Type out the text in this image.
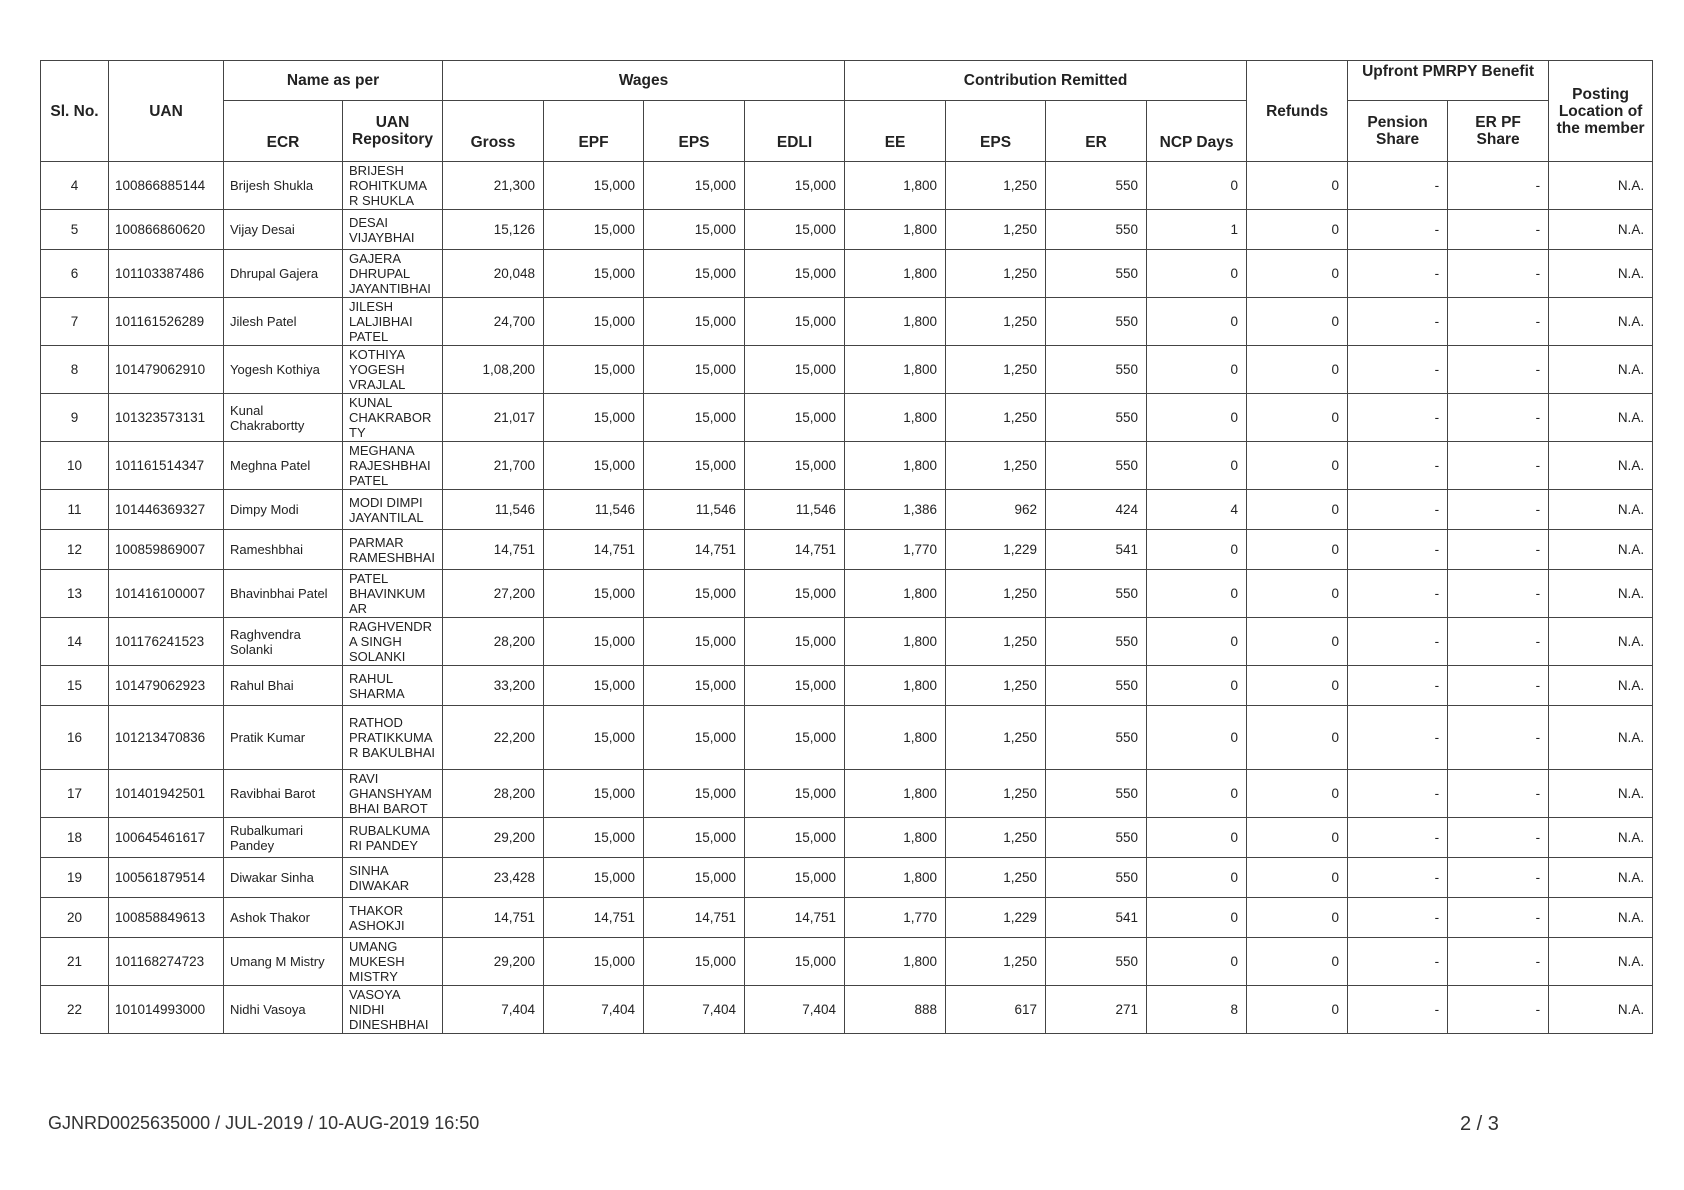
Sl. No.	UAN	Name as per		Wages				Contribution Remitted				Refunds	Upfront PMRPY Benefit		Posting Location of the member
		ECR	UAN Repository	Gross	EPF	EPS	EDLI	EE	EPS	ER	NCP Days		Pension Share	ER PF Share	
4	100866885144	Brijesh Shukla	BRIJESH ROHITKUMA R SHUKLA	21,300	15,000	15,000	15,000	1,800	1,250	550	0	0	-	-	N.A.
5	100866860620	Vijay Desai	DESAI VIJAYBHAI	15,126	15,000	15,000	15,000	1,800	1,250	550	1	0	-	-	N.A.
6	101103387486	Dhrupal Gajera	GAJERA DHRUPAL JAYANTIBHAI	20,048	15,000	15,000	15,000	1,800	1,250	550	0	0	-	-	N.A.
7	101161526289	Jilesh Patel	JILESH LALJIBHAI PATEL	24,700	15,000	15,000	15,000	1,800	1,250	550	0	0	-	-	N.A.
8	101479062910	Yogesh Kothiya	KOTHIYA YOGESH VRAJLAL	1,08,200	15,000	15,000	15,000	1,800	1,250	550	0	0	-	-	N.A.
9	101323573131	Kunal Chakrabortty	KUNAL CHAKRABOR TY	21,017	15,000	15,000	15,000	1,800	1,250	550	0	0	-	-	N.A.
10	101161514347	Meghna Patel	MEGHANA RAJESHBHAI PATEL	21,700	15,000	15,000	15,000	1,800	1,250	550	0	0	-	-	N.A.
11	101446369327	Dimpy Modi	MODI DIMPI JAYANTILAL	11,546	11,546	11,546	11,546	1,386	962	424	4	0	-	-	N.A.
12	100859869007	Rameshbhai	PARMAR RAMESHBHAI	14,751	14,751	14,751	14,751	1,770	1,229	541	0	0	-	-	N.A.
13	101416100007	Bhavinbhai Patel	PATEL BHAVINKUM AR	27,200	15,000	15,000	15,000	1,800	1,250	550	0	0	-	-	N.A.
14	101176241523	Raghvendra Solanki	RAGHVENDR A SINGH SOLANKI	28,200	15,000	15,000	15,000	1,800	1,250	550	0	0	-	-	N.A.
15	101479062923	Rahul Bhai	RAHUL SHARMA	33,200	15,000	15,000	15,000	1,800	1,250	550	0	0	-	-	N.A.
16	101213470836	Pratik Kumar	RATHOD PRATIKKUMA R BAKULBHAI	22,200	15,000	15,000	15,000	1,800	1,250	550	0	0	-	-	N.A.
17	101401942501	Ravibhai Barot	RAVI GHANSHYAM BHAI BAROT	28,200	15,000	15,000	15,000	1,800	1,250	550	0	0	-	-	N.A.
18	100645461617	Rubalkumari Pandey	RUBALKUMA RI PANDEY	29,200	15,000	15,000	15,000	1,800	1,250	550	0	0	-	-	N.A.
19	100561879514	Diwakar Sinha	SINHA DIWAKAR	23,428	15,000	15,000	15,000	1,800	1,250	550	0	0	-	-	N.A.
20	100858849613	Ashok Thakor	THAKOR ASHOKJI	14,751	14,751	14,751	14,751	1,770	1,229	541	0	0	-	-	N.A.
21	101168274723	Umang M Mistry	UMANG MUKESH MISTRY	29,200	15,000	15,000	15,000	1,800	1,250	550	0	0	-	-	N.A.
22	101014993000	Nidhi Vasoya	VASOYA NIDHI DINESHBHAI	7,404	7,404	7,404	7,404	888	617	271	8	0	-	-	N.A.
GJNRD0025635000 / JUL-2019 / 10-AUG-2019 16:50	2 / 3
